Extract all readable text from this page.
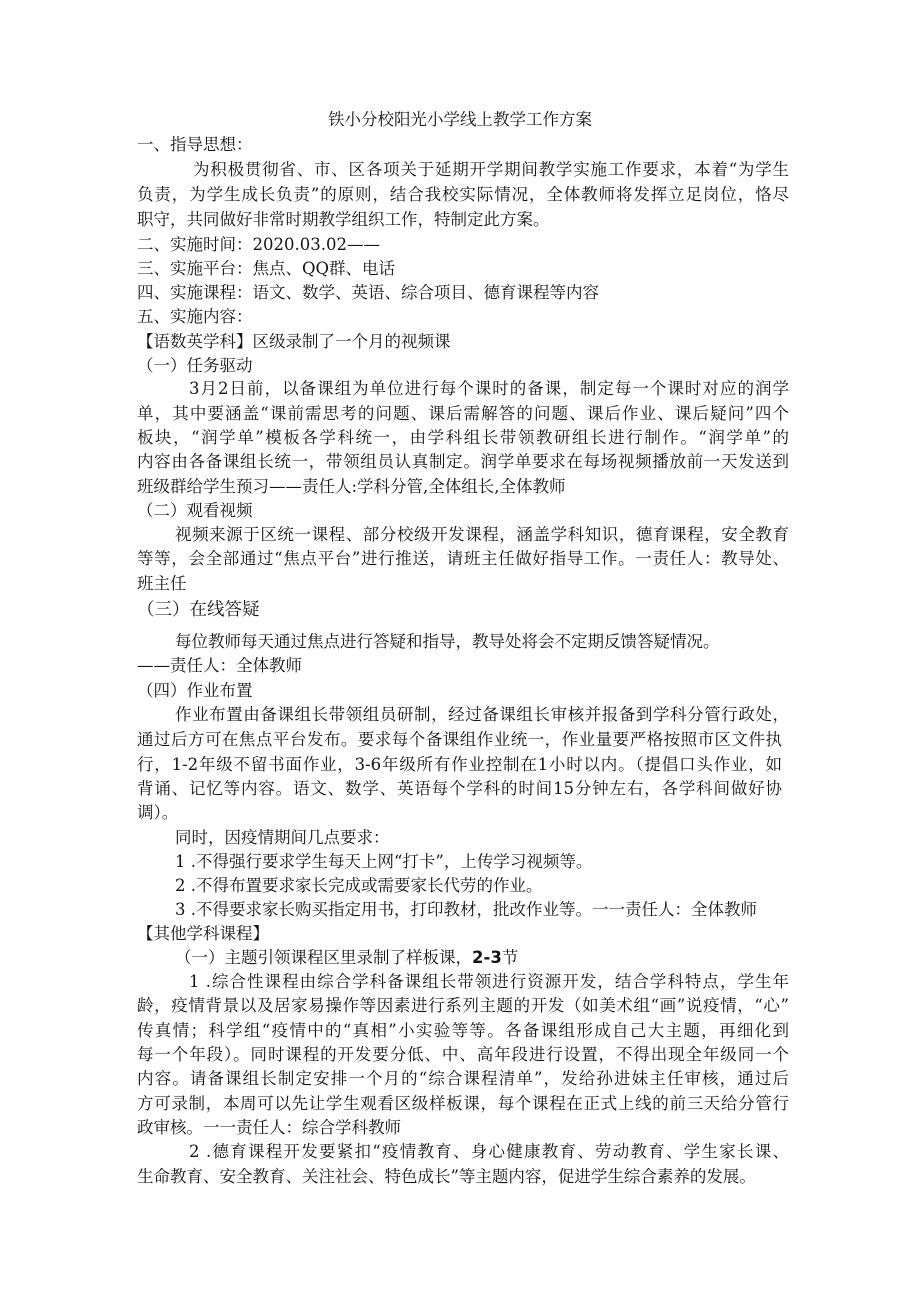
铁小分校阳光小学线上教学工作方案
一、指导思想：
为积极贯彻省、市、区各项关于延期开学期间教学实施工作要求，本着“为学生
负责，为学生成长负责”的原则，结合我校实际情况，全体教师将发挥立足岗位，恪尽
职守，共同做好非常时期教学组织工作，特制定此方案。
二、实施时间：2020.03.02——
三、实施平台：焦点、QQ群、电话
四、实施课程：语文、数学、英语、综合项目、德育课程等内容
五、实施内容：
【语数英学科】区级录制了一个月的视频课
（一）任务驱动
3月2日前，以备课组为单位进行每个课时的备课，制定每一个课时对应的润学
单，其中要涵盖“课前需思考的问题、课后需解答的问题、课后作业、课后疑问”四个
板块，“润学单”模板各学科统一，由学科组长带领教研组长进行制作。“润学单”的
内容由各备课组长统一，带领组员认真制定。润学单要求在每场视频播放前一天发送到
班级群给学生预习——责任人:学科分管,全体组长,全体教师
（二）观看视频
视频来源于区统一课程、部分校级开发课程，涵盖学科知识，德育课程，安全教育
等等，会全部通过“焦点平台”进行推送，请班主任做好指导工作。一责任人：教导处、
班主任
（三）在线答疑
每位教师每天通过焦点进行答疑和指导，教导处将会不定期反馈答疑情况。
——责任人：全体教师
（四）作业布置
作业布置由备课组长带领组员研制，经过备课组长审核并报备到学科分管行政处，
通过后方可在焦点平台发布。要求每个备课组作业统一，作业量要严格按照市区文件执
行，1-2年级不留书面作业，3-6年级所有作业控制在1小时以内。（提倡口头作业，如
背诵、记忆等内容。语文、数学、英语每个学科的时间15分钟左右，各学科间做好协
调）。
同时，因疫情期间几点要求：
1 .不得强行要求学生每天上网“打卡”，上传学习视频等。
2 .不得布置要求家长完成或需要家长代劳的作业。
3 .不得要求家长购买指定用书，打印教材，批改作业等。一一责任人：全体教师
【其他学科课程】
（一）主题引领课程区里录制了样板课，2-3节
1 .综合性课程由综合学科备课组长带领进行资源开发，结合学科特点，学生年
龄，疫情背景以及居家易操作等因素进行系列主题的开发（如美术组“画”说疫情，“心”
传真情；科学组“疫情中的“真相”小实验等等。各备课组形成自己大主题，再细化到
每一个年段）。同时课程的开发要分低、中、高年段进行设置，不得出现全年级同一个
内容。请备课组长制定安排一个月的“综合课程清单”，发给孙进妹主任审核，通过后
方可录制，本周可以先让学生观看区级样板课，每个课程在正式上线的前三天给分管行
政审核。一一责任人：综合学科教师
2 .德育课程开发要紧扣“疫情教育、身心健康教育、劳动教育、学生家长课、
生命教育、安全教育、关注社会、特色成长”等主题内容，促进学生综合素养的发展。
